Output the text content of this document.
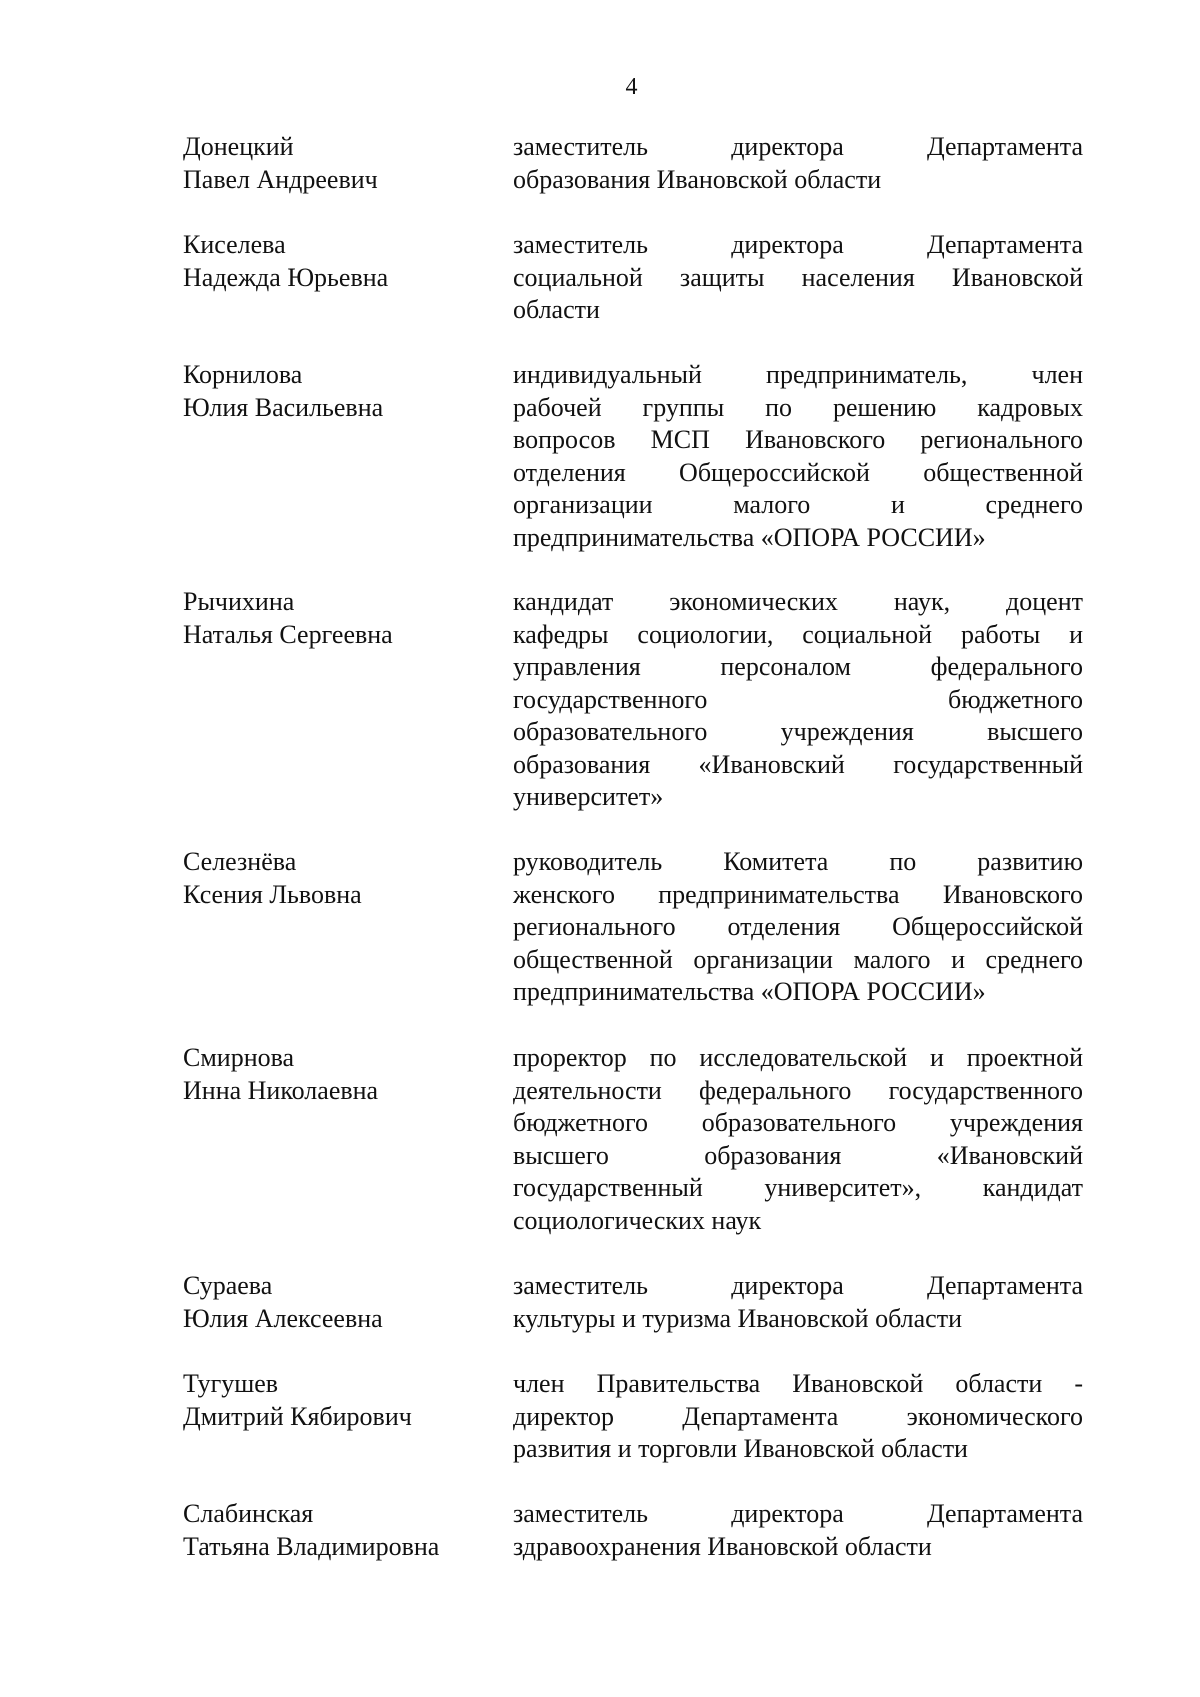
4

Донецкий
Павел Андреевич
заместитель директора Департамента
образования Ивановской области
Киселева
Надежда Юрьевна
заместитель директора Департамента
социальной защиты населения Ивановской
области
Корнилова
Юлия Васильевна
индивидуальный предприниматель, член
рабочей группы по решению кадровых
вопросов МСП Ивановского регионального
отделения Общероссийской общественной
организации малого и среднего
предпринимательства «ОПОРА РОССИИ»
Рычихина
Наталья Сергеевна
кандидат экономических наук, доцент
кафедры социологии, социальной работы и
управления персоналом федерального
государственного бюджетного
образовательного учреждения высшего
образования «Ивановский государственный
университет»
Селезнёва
Ксения Львовна
руководитель Комитета по развитию
женского предпринимательства Ивановского
регионального отделения Общероссийской
общественной организации малого и среднего
предпринимательства «ОПОРА РОССИИ»
Смирнова
Инна Николаевна
проректор по исследовательской и проектной
деятельности федерального государственного
бюджетного образовательного учреждения
высшего образования «Ивановский
государственный университет», кандидат
социологических наук
Сураева
Юлия Алексеевна
заместитель директора Департамента
культуры и туризма Ивановской области
Тугушев
Дмитрий Кябирович
член Правительства Ивановской области -
директор Департамента экономического
развития и торговли Ивановской области
Слабинская
Татьяна Владимировна
заместитель директора Департамента
здравоохранения Ивановской области
